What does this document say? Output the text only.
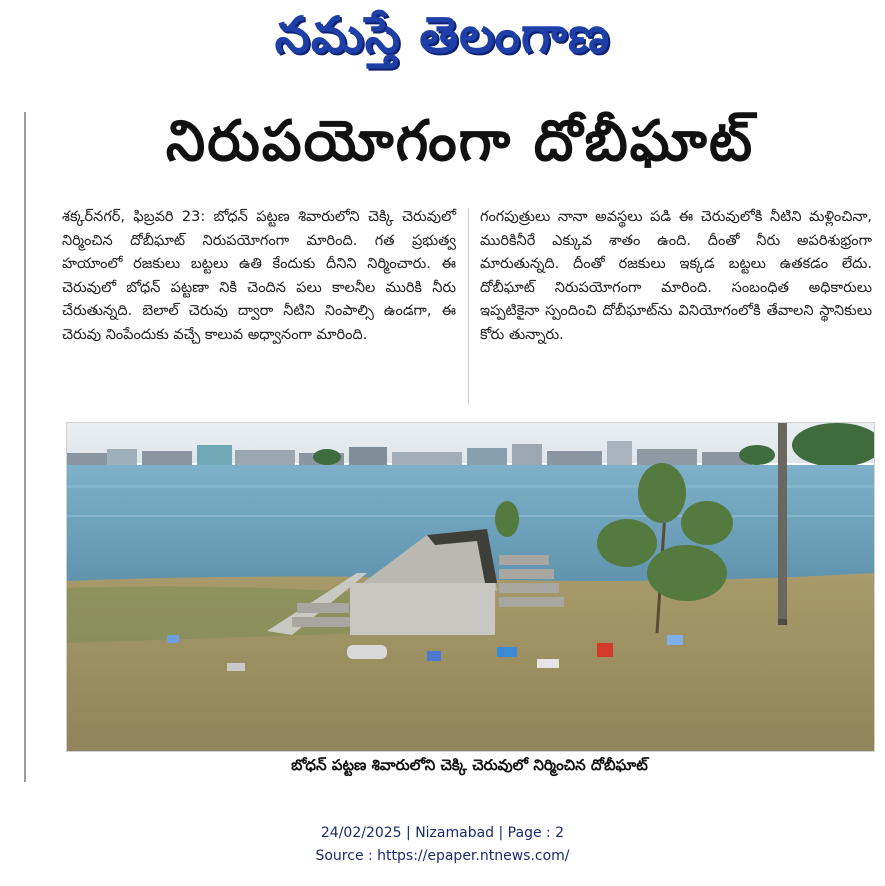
నమస్తే తెలంగాణ
నిరుపయోగంగా దోబీఘాట్
శక్కర్‌నగర్, ఫిబ్రవరి 23: బోధన్‌ పట్టణ శివారులోని చెక్కి చెరువులో నిర్మించిన దోబీఘాట్‌ నిరుపయోగంగా మారింది. గత ప్రభుత్వ హయాంలో రజకులు బట్టలు ఉతి కేందుకు దీనిని నిర్మించారు. ఈ చెరువులో బోధన్‌ పట్టణా నికి చెందిన పలు కాలనీల మురికి నీరు చేరుతున్నది. బెలాల్‌ చెరువు ద్వారా నీటిని నింపాల్సి ఉండగా, ఈ చెరువు నింపేందుకు వచ్చే కాలువ అధ్వానంగా మారింది.
గంగపుత్రులు నానా అవస్థలు పడి ఈ చెరువులోకి నీటిని మళ్లించినా, మురికినీరే ఎక్కువ శాతం ఉంది. దీంతో నీరు అపరిశుభ్రంగా మారుతున్నది. దీంతో రజకులు ఇక్కడ బట్టలు ఉతకడం లేదు. దోబీఘాట్‌ నిరుపయోగంగా మారింది. సంబంధిత అధికారులు ఇప్పటికైనా స్పందించి దోబీఘాట్‌ను వినియోగంలోకి తేవాలని స్థానికులు కోరు తున్నారు.
బోధన్‌ పట్టణ శివారులోని చెక్కి చెరువులో నిర్మించిన దోబీఘాట్‌
24/02/2025 | Nizamabad | Page : 2
Source : https://epaper.ntnews.com/
